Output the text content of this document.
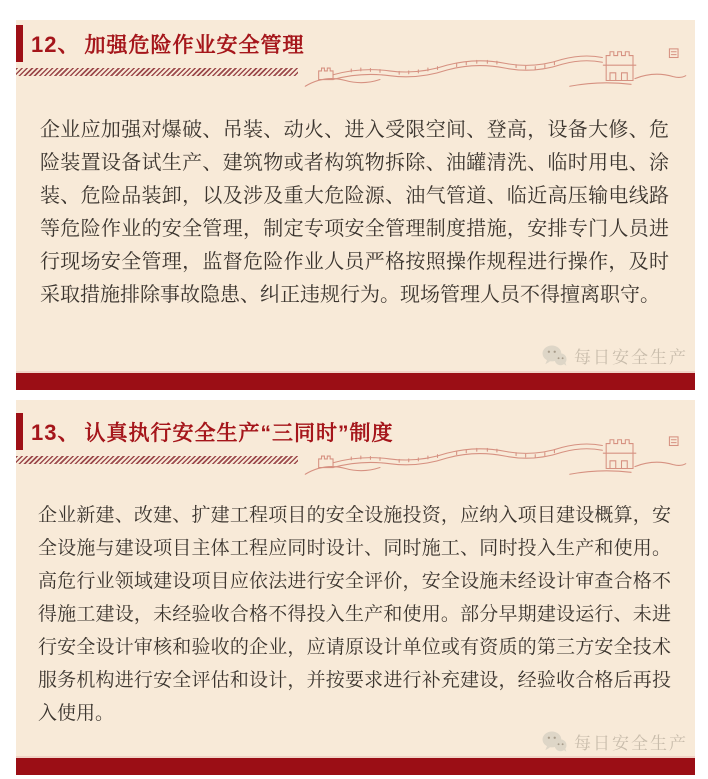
12、 加强危险作业安全管理

企业应加强对爆破、吊装、动火、进入受限空间、登高，设备大修、危险装置设备试生产、建筑物或者构筑物拆除、油罐清洗、临时用电、涂装、危险品装卸，以及涉及重大危险源、油气管道、临近高压输电线路等危险作业的安全管理，制定专项安全管理制度措施，安排专门人员进行现场安全管理，监督危险作业人员严格按照操作规程进行操作，及时采取措施排除事故隐患、纠正违规行为。现场管理人员不得擅离职守。

每日安全生产
13、 认真执行安全生产“三同时”制度

企业新建、改建、扩建工程项目的安全设施投资，应纳入项目建设概算，安全设施与建设项目主体工程应同时设计、同时施工、同时投入生产和使用。高危行业领域建设项目应依法进行安全评价，安全设施未经设计审查合格不得施工建设，未经验收合格不得投入生产和使用。部分早期建设运行、未进行安全设计审核和验收的企业，应请原设计单位或有资质的第三方安全技术服务机构进行安全评估和设计，并按要求进行补充建设，经验收合格后再投入使用。

每日安全生产
